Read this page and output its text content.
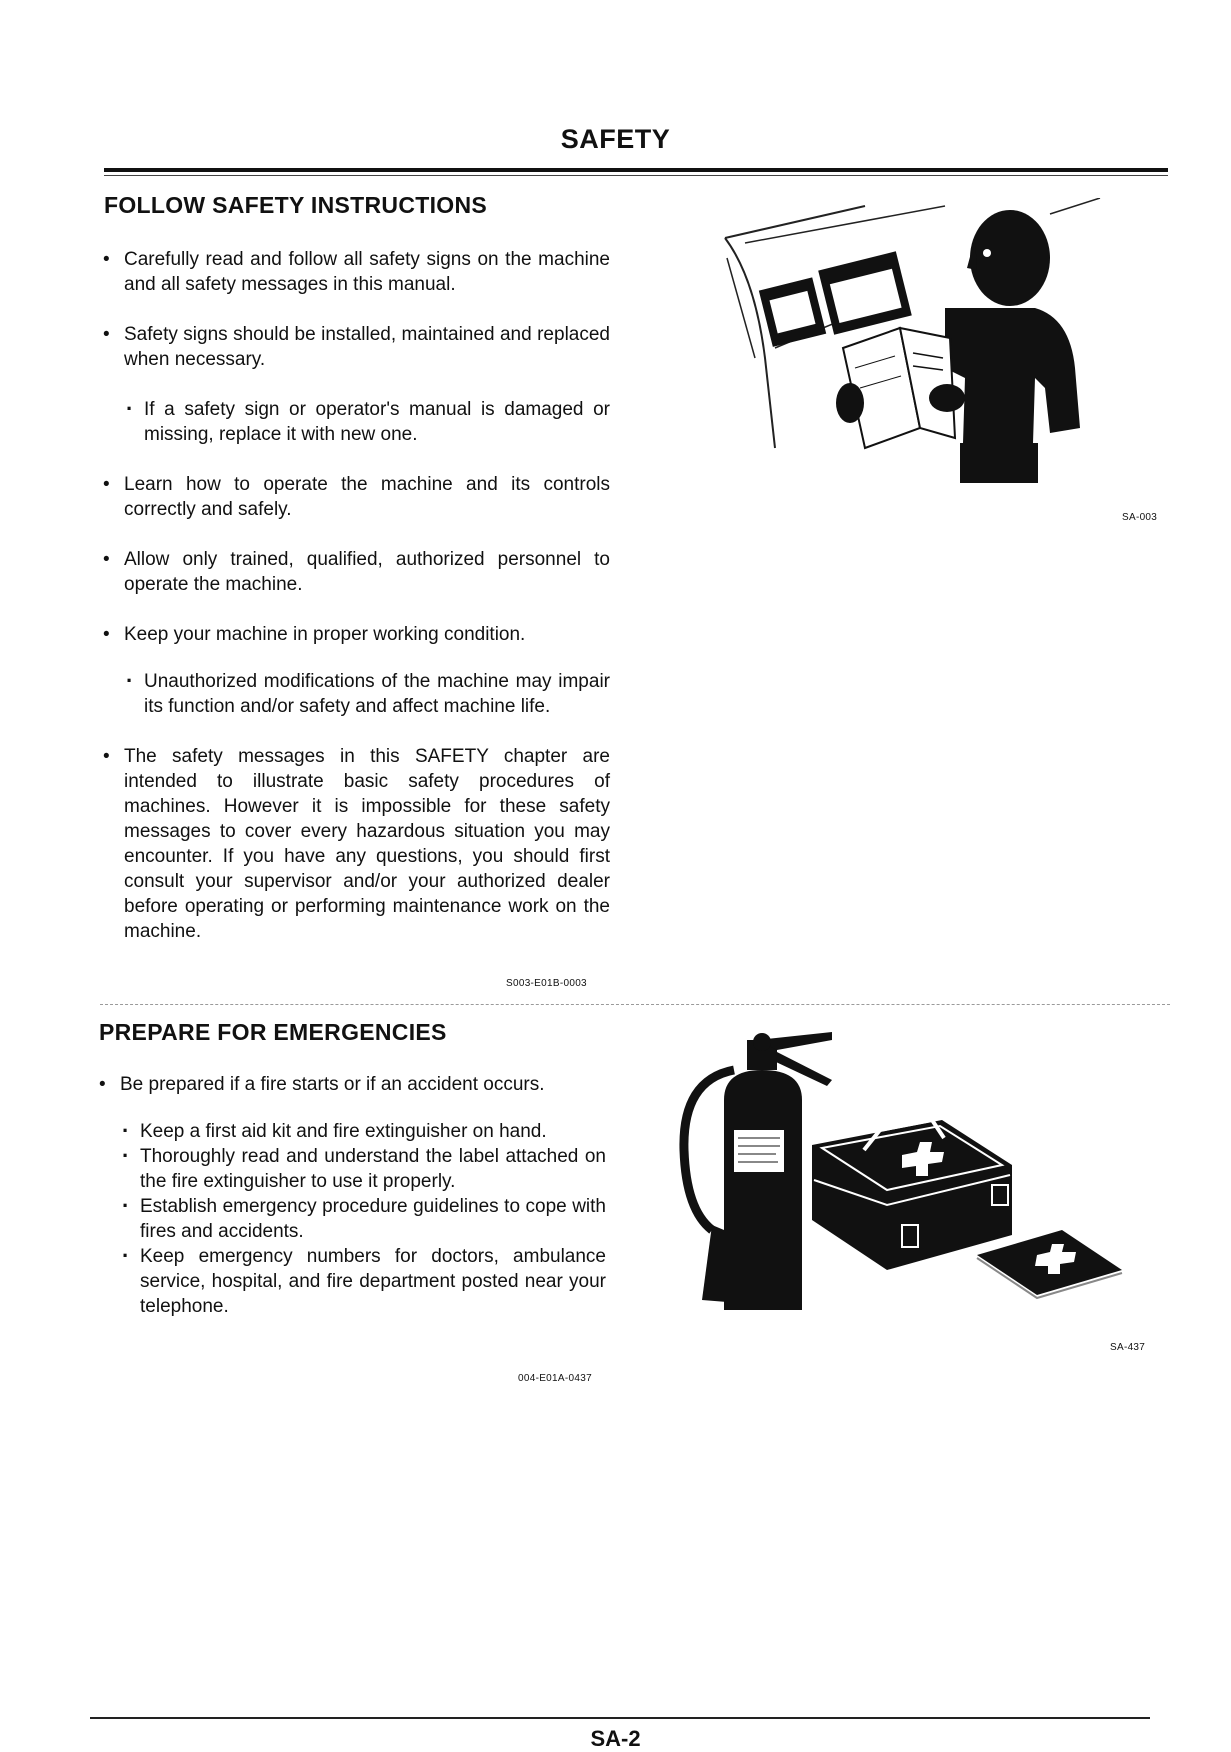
SAFETY
FOLLOW SAFETY INSTRUCTIONS
• Carefully read and follow all safety signs on the machine and all safety messages in this manual.
• Safety signs should be installed, maintained and replaced when necessary.
· If a safety sign or operator's manual is damaged or missing, replace it with new one.
• Learn how to operate the machine and its controls correctly and safely.
• Allow only trained, qualified, authorized personnel to operate the machine.
• Keep your machine in proper working condition.
· Unauthorized modifications of the machine may impair its function and/or safety and affect machine life.
• The safety messages in this SAFETY chapter are intended to illustrate basic safety procedures of machines. However it is impossible for these safety messages to cover every hazardous situation you may encounter. If you have any questions, you should first consult your supervisor and/or your authorized dealer before operating or performing maintenance work on the machine.
S003-E01B-0003
SA-003
PREPARE FOR EMERGENCIES
• Be prepared if a fire starts or if an accident occurs.
· Keep a first aid kit and fire extinguisher on hand.
· Thoroughly read and understand the label attached on the fire extinguisher to use it properly.
· Establish emergency procedure guidelines to cope with fires and accidents.
· Keep emergency numbers for doctors, ambulance service, hospital, and fire department posted near your telephone.
004-E01A-0437
SA-437
SA-2
